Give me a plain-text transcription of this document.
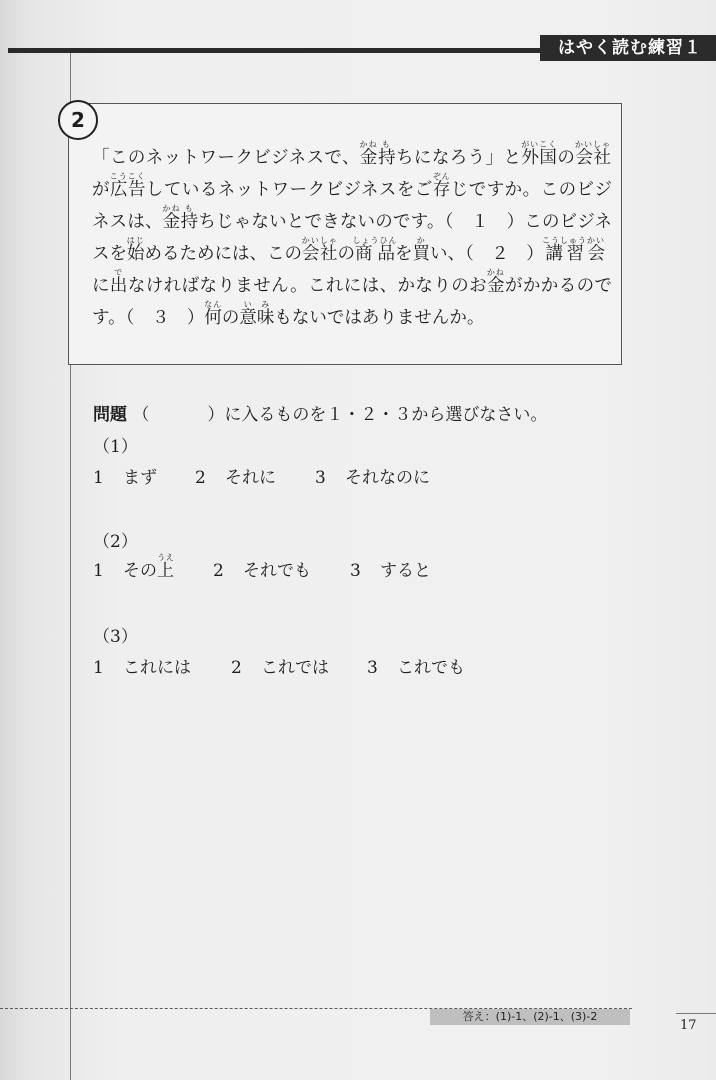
はやく読む練習１
2
「このネットワークビジネスで、金かね持もちになろう」と外国がいこくの会社かいしゃが広告こうこくしているネットワークビジネスをご存ぞんじですか。このビジネスは、金かね持もちじゃないとできないのです。（　１　）このビジネスを始はじめるためには、この会社かいしゃの商品しょうひんを買かい、（　２　）講習会こうしゅうかいに出でなければなりません。これには、かなりのお金かねがかかるのです。（　３　）何なんの意味いみもないではありませんか。
問題 （	）に入るものを１・２・３から選びなさい。
（1）
1 まず 2 それに 3 それなのに
（2）
1 その上うえ2 それでも 3 すると
（3）
1 これには 2 これでは 3 これでも
答え：(1)-1、(2)-1、(3)-2
17
